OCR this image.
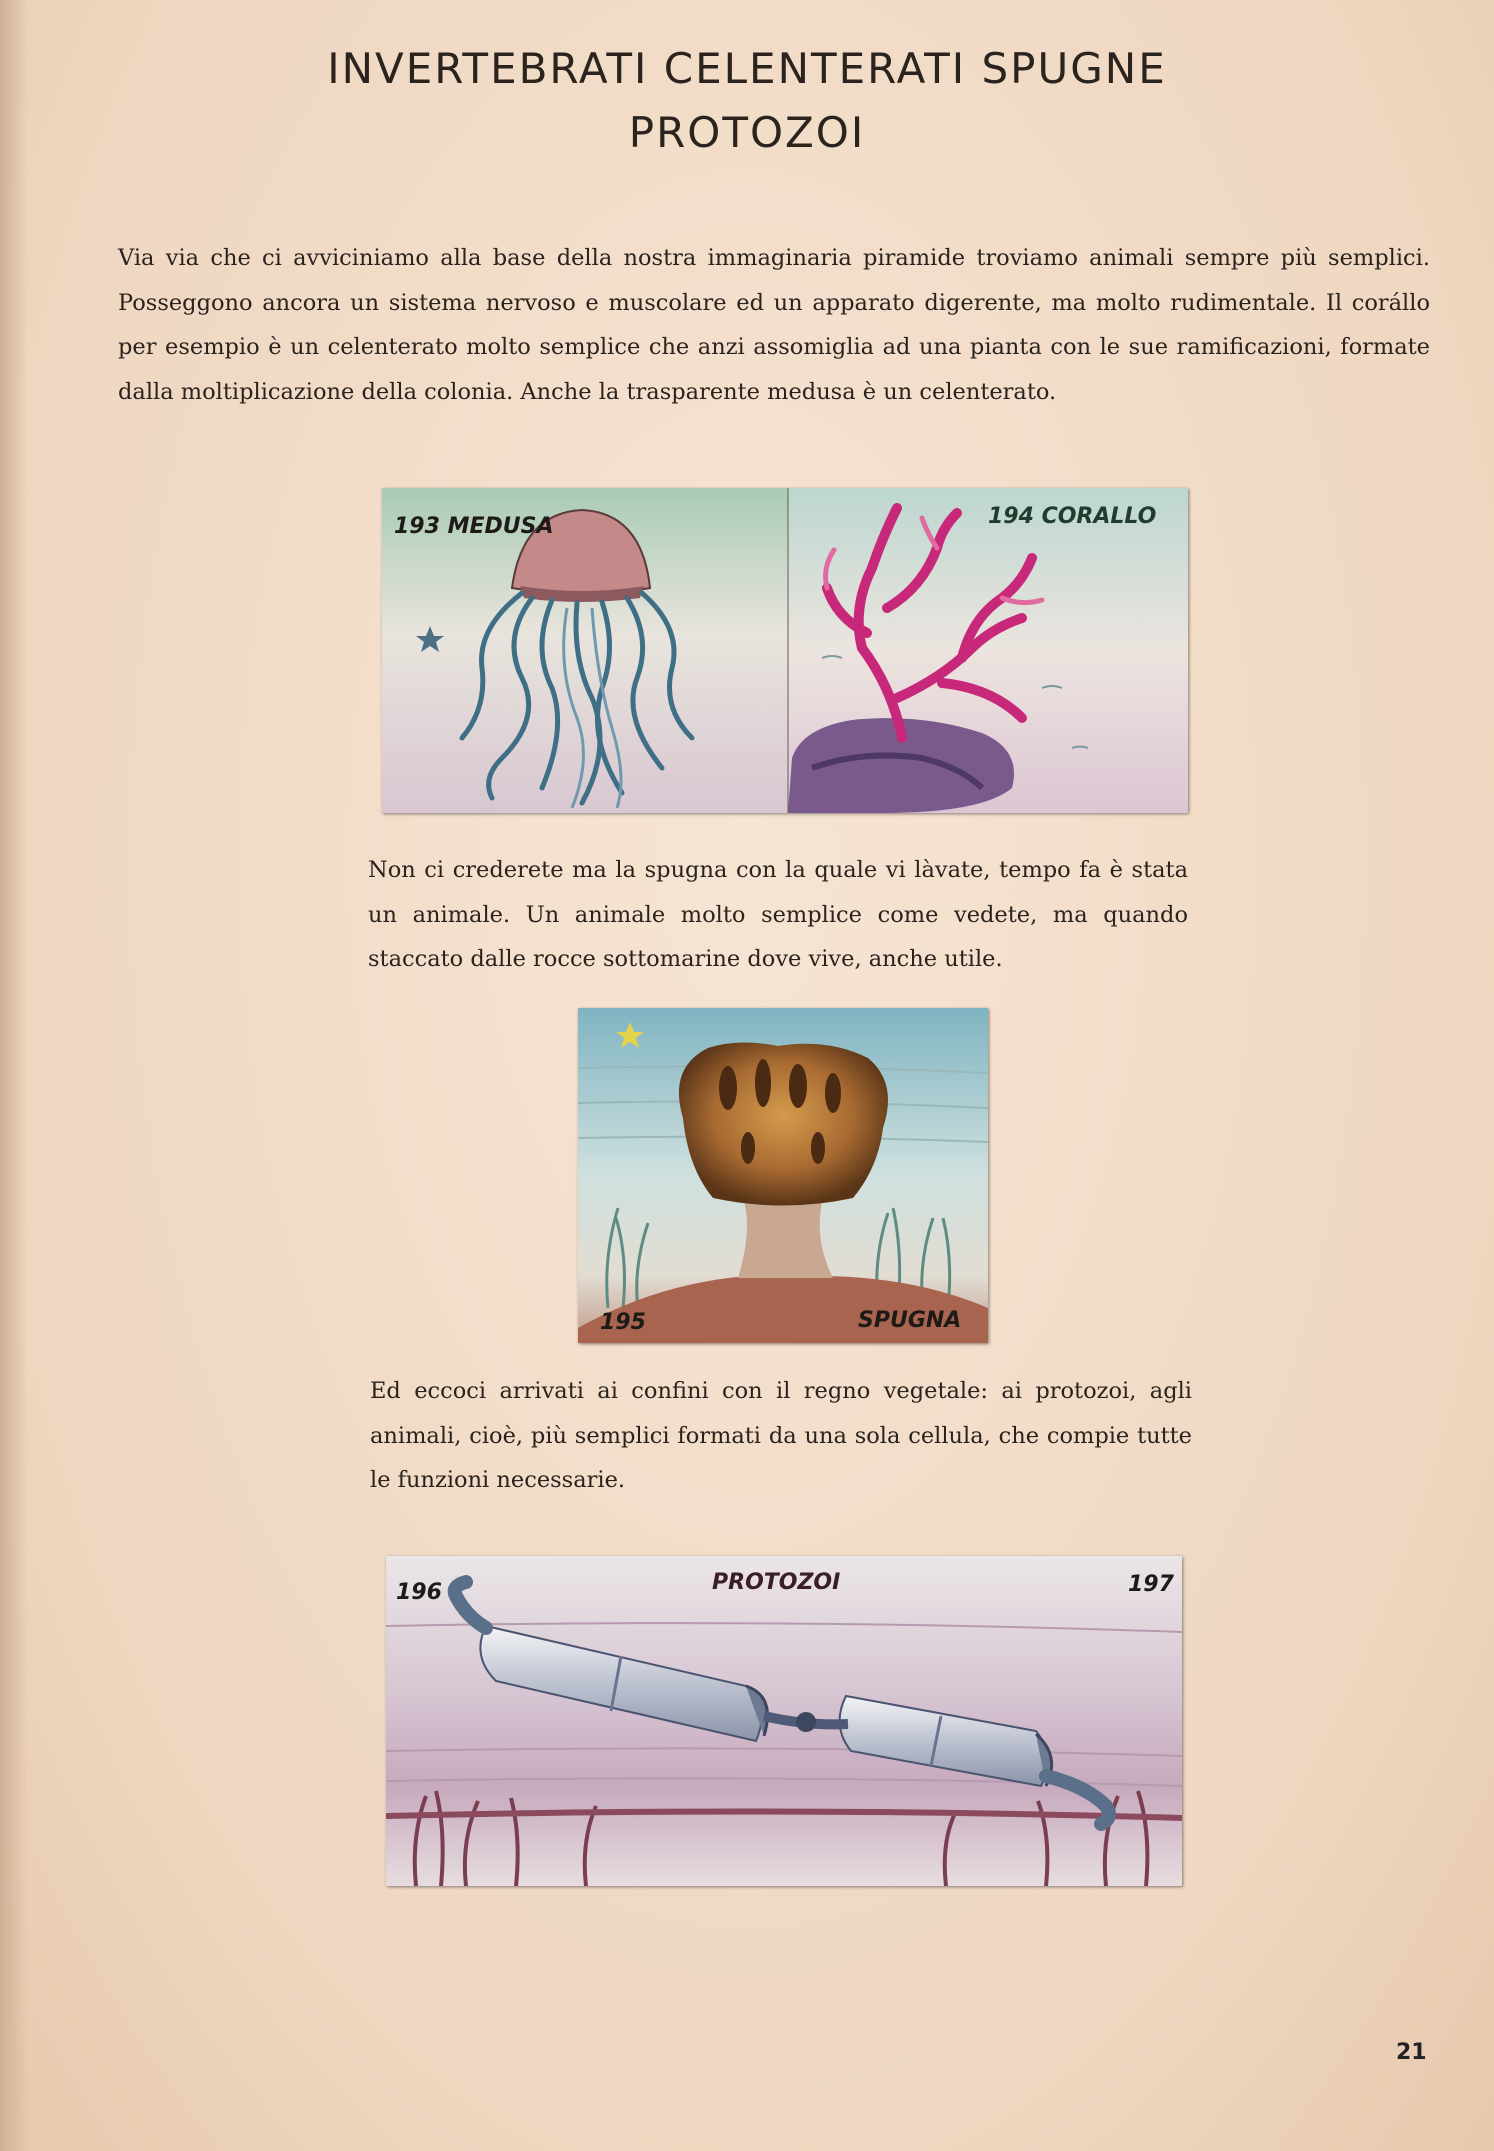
INVERTEBRATI CELENTERATI SPUGNE
PROTOZOI

Via via che ci avviciniamo alla base della nostra immaginaria piramide troviamo animali sempre più semplici. Posseggono ancora un sistema nervoso e muscolare ed un apparato digerente, ma molto rudimentale. Il corállo per esempio è un celenterato molto semplice che anzi assomiglia ad una pianta con le sue ramificazioni, formate dalla moltiplicazione della colonia. Anche la trasparente medusa è un celenterato.

193 MEDUSA	194 CORALLO

Non ci crederete ma la spugna con la quale vi làvate, tempo fa è stata un animale. Un animale molto semplice come vedete, ma quando staccato dalle rocce sottomarine dove vive, anche utile.

195	SPUGNA

Ed eccoci arrivati ai confini con il regno vegetale: ai protozoi, agli animali, cioè, più semplici formati da una sola cellula, che compie tutte le funzioni necessarie.

196	PROTOZOI	197
21
